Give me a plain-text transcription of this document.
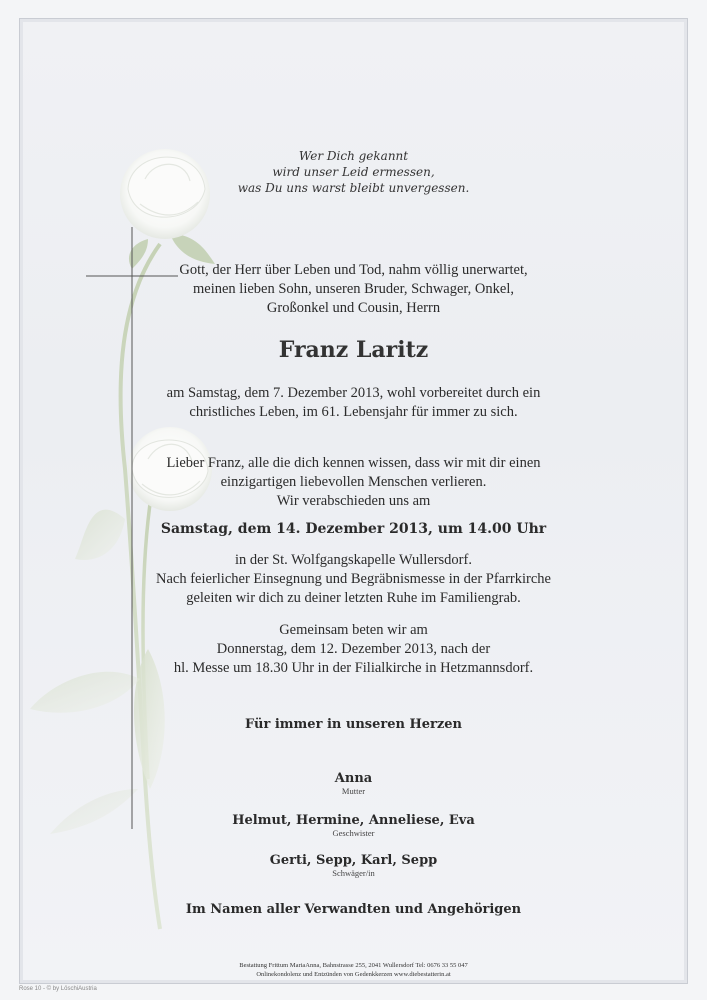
Wer Dich gekannt
wird unser Leid ermessen,
was Du uns warst bleibt unvergessen.
Gott, der Herr über Leben und Tod, nahm völlig unerwartet,
meinen lieben Sohn, unseren Bruder, Schwager, Onkel,
Großonkel und Cousin, Herrn
Franz Laritz
am Samstag, dem 7. Dezember 2013, wohl vorbereitet durch ein
christliches Leben, im 61. Lebensjahr für immer zu sich.
Lieber Franz, alle die dich kennen wissen, dass wir mit dir einen
einzigartigen liebevollen Menschen verlieren.
Wir verabschieden uns am
Samstag, dem 14. Dezember 2013, um 14.00 Uhr
in der St. Wolfgangskapelle Wullersdorf.
Nach feierlicher Einsegnung und Begräbnismesse in der Pfarrkirche
geleiten wir dich zu deiner letzten Ruhe im Familiengrab.
Gemeinsam beten wir am
Donnerstag, dem 12. Dezember 2013, nach der
hl. Messe um 18.30 Uhr in der Filialkirche in Hetzmannsdorf.
Für immer in unseren Herzen
Anna
Mutter
Helmut, Hermine, Anneliese, Eva
Geschwister
Gerti, Sepp, Karl, Sepp
Schwäger/in
Im Namen aller Verwandten und Angehörigen
Bestattung Frittum MariaAnna, Bahnstrasse 255, 2041 Wullersdorf Tel: 0676 33 55 047
Onlinekondolenz und Entzünden von Gedenkkerzen www.diebestatterin.at
Rose 10 - © by LöschiAustria
